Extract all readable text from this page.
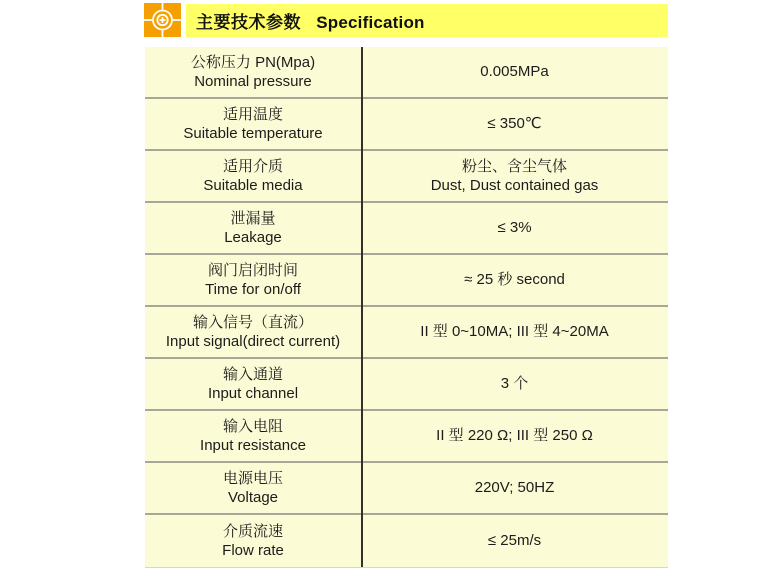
主要技术参数 Specification
公称压力 PN(Mpa)
Nominal pressure
0.005MPa
适用温度
Suitable temperature
≤ 350℃
适用介质
Suitable media
粉尘、含尘气体
Dust, Dust contained gas
泄漏量
Leakage
≤ 3%
阀门启闭时间
Time for on/off
≈ 25 秒 second
输入信号（直流）
Input signal(direct current)
II 型 0~10MA; III 型 4~20MA
输入通道
Input channel
3 个
输入电阻
Input resistance
II 型 220 Ω; III 型 250 Ω
电源电压
Voltage
220V; 50HZ
介质流速
Flow rate
≤ 25m/s
